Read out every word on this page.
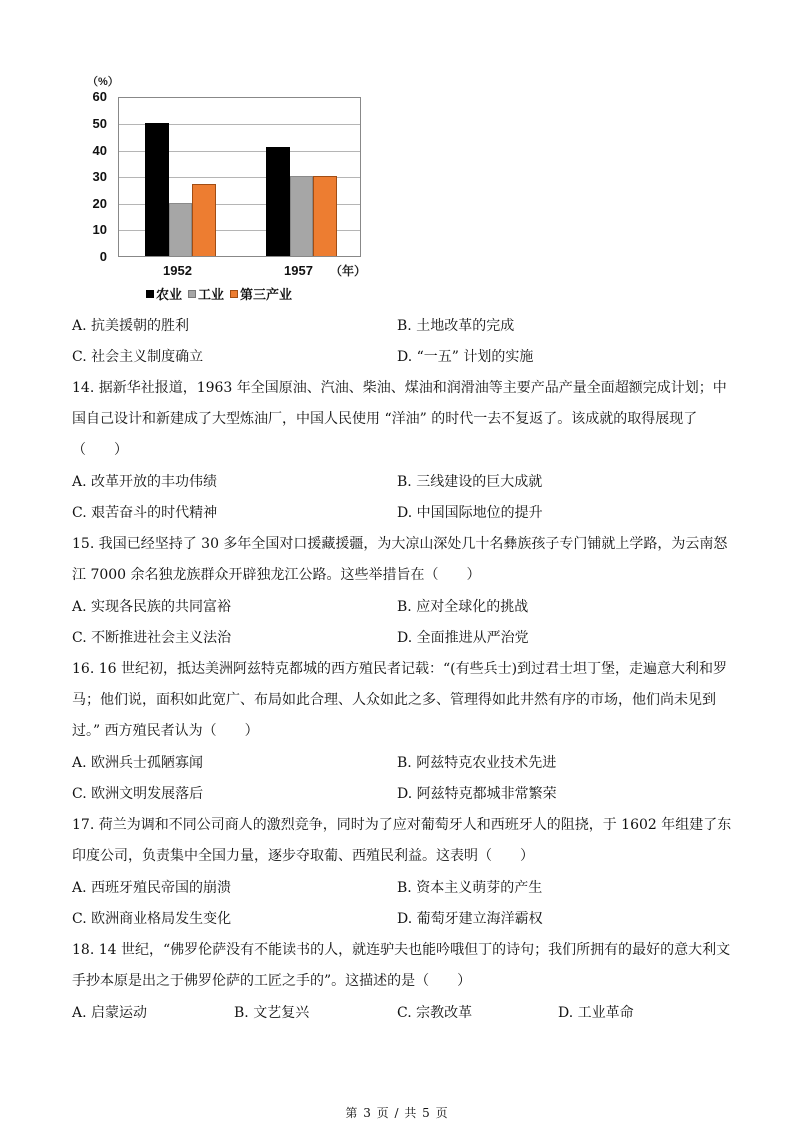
（%）
60
50
40
30
20
10
0
1952	1957 （年）
农业 工业 第三产业
A. 抗美援朝的胜利	B. 土地改革的完成
C. 社会主义制度确立	D. “一五” 计划的实施
14. 据新华社报道，1963 年全国原油、汽油、柴油、煤油和润滑油等主要产品产量全面超额完成计划；中
国自己设计和新建成了大型炼油厂，中国人民使用 “洋油” 的时代一去不复返了。该成就的取得展现了
（　　）
A. 改革开放的丰功伟绩	B. 三线建设的巨大成就
C. 艰苦奋斗的时代精神	D. 中国国际地位的提升
15. 我国已经坚持了 30 多年全国对口援藏援疆，为大凉山深处几十名彝族孩子专门铺就上学路，为云南怒
江 7000 余名独龙族群众开辟独龙江公路。这些举措旨在（　　）
A. 实现各民族的共同富裕	B. 应对全球化的挑战
C. 不断推进社会主义法治	D. 全面推进从严治党
16. 16 世纪初，抵达美洲阿兹特克都城的西方殖民者记载：“(有些兵士)到过君士坦丁堡，走遍意大利和罗
马；他们说，面积如此宽广、布局如此合理、人众如此之多、管理得如此井然有序的市场，他们尚未见到
过。” 西方殖民者认为（　　）
A. 欧洲兵士孤陋寡闻	B. 阿兹特克农业技术先进
C. 欧洲文明发展落后	D. 阿兹特克都城非常繁荣
17. 荷兰为调和不同公司商人的激烈竞争，同时为了应对葡萄牙人和西班牙人的阻挠，于 1602 年组建了东
印度公司，负责集中全国力量，逐步夺取葡、西殖民利益。这表明（　　）
A. 西班牙殖民帝国的崩溃	B. 资本主义萌芽的产生
C. 欧洲商业格局发生变化	D. 葡萄牙建立海洋霸权
18. 14 世纪，“佛罗伦萨没有不能读书的人，就连驴夫也能吟哦但丁的诗句；我们所拥有的最好的意大利文
手抄本原是出之于佛罗伦萨的工匠之手的”。这描述的是（　　）
A. 启蒙运动	B. 文艺复兴	C. 宗教改革	D. 工业革命
第 3 页 / 共 5 页
